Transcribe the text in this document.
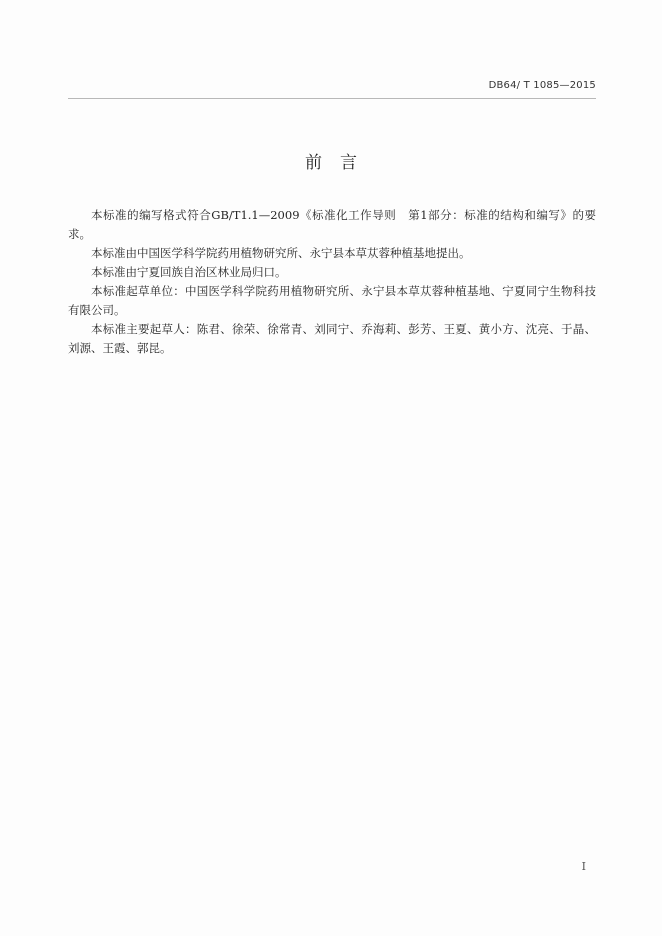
DB64/ T 1085—2015
前言

本标准的编写格式符合GB/T1.1—2009《标准化工作导则　第1部分：标准的结构和编写》的要求。

本标准由中国医学科学院药用植物研究所、永宁县本草苁蓉种植基地提出。

本标准由宁夏回族自治区林业局归口。

本标准起草单位：中国医学科学院药用植物研究所、永宁县本草苁蓉种植基地、宁夏同宁生物科技有限公司。

本标准主要起草人：陈君、徐荣、徐常青、刘同宁、乔海莉、彭芳、王夏、黄小方、沈亮、于晶、刘源、王霞、郭昆。

I
